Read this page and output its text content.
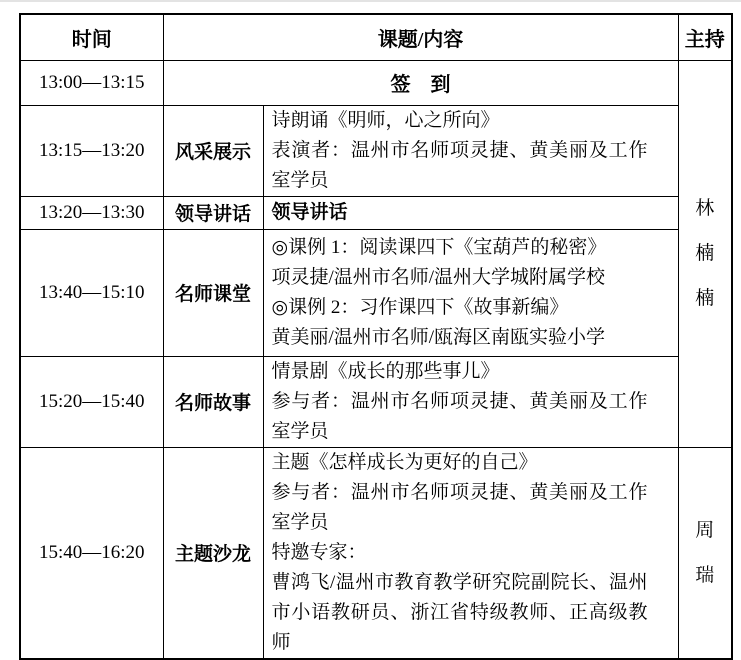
时间	课题/内容		主持
13:00—13:15	签　到		林楠楠

13:15—13:20	风采展示	诗朗诵《明师，心之所向》
表演者：温州市名师项灵捷、黄美丽及工作室学员	

13:20—13:30	领导讲话	领导讲话	

13:40—15:10	名师课堂	◎课例 1：阅读课四下《宝葫芦的秘密》
项灵捷/温州市名师/温州大学城附属学校
◎课例 2：习作课四下《故事新编》
黄美丽/温州市名师/瓯海区南瓯实验小学	

15:20—15:40	名师故事	情景剧《成长的那些事儿》
参与者：温州市名师项灵捷、黄美丽及工作室学员	

15:40—16:20	主题沙龙	主题《怎样成长为更好的自己》
参与者：温州市名师项灵捷、黄美丽及工作室学员
特邀专家：
曹鸿飞/温州市教育教学研究院副院长、温州市小语教研员、浙江省特级教师、正高级教师	周瑞
